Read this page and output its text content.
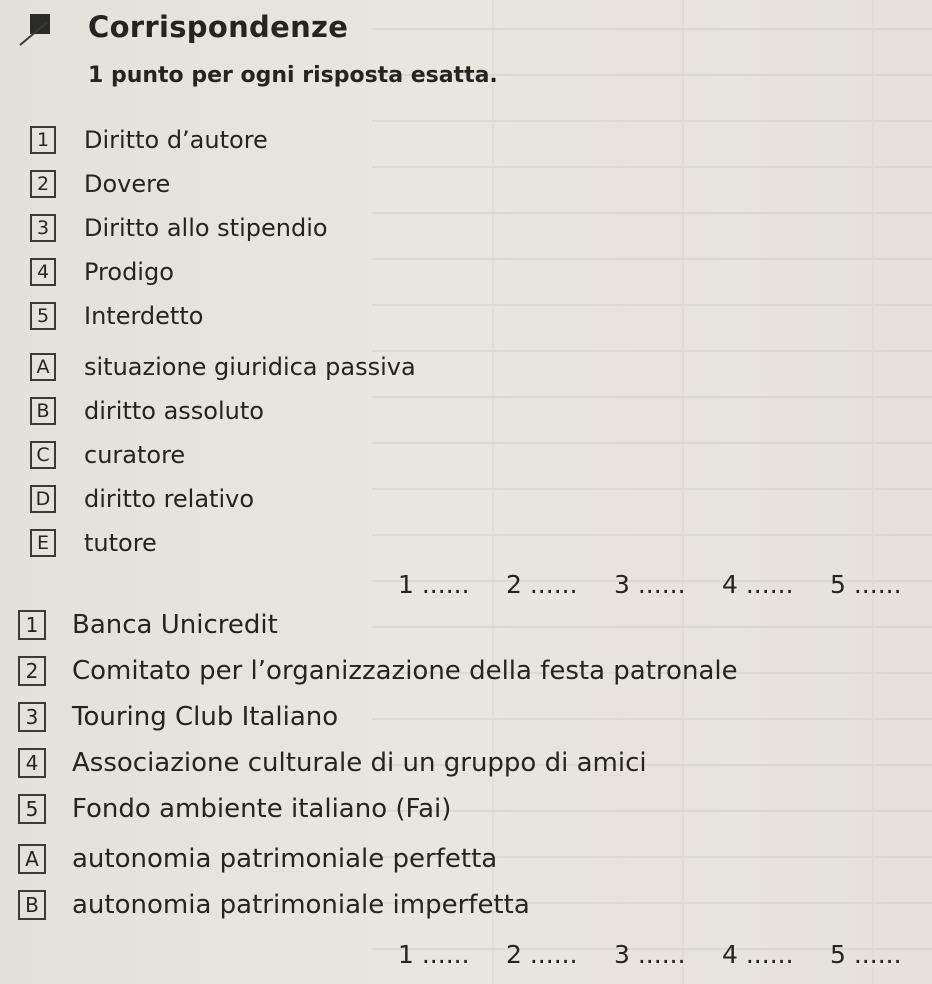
Corrispondenze
1 punto per ogni risposta esatta.
1 Diritto d’autore
2 Dovere
3 Diritto allo stipendio
4 Prodigo
5 Interdetto
A situazione giuridica passiva
B diritto assoluto
C curatore
D diritto relativo
E tutore
1 ......	2 ......	3 ......	4 ......	5 ......
1 Banca Unicredit
2 Comitato per l’organizzazione della festa patronale
3 Touring Club Italiano
4 Associazione culturale di un gruppo di amici
5 Fondo ambiente italiano (Fai)
A autonomia patrimoniale perfetta
B autonomia patrimoniale imperfetta
1 ......	2 ......	3 ......	4 ......	5 ......
